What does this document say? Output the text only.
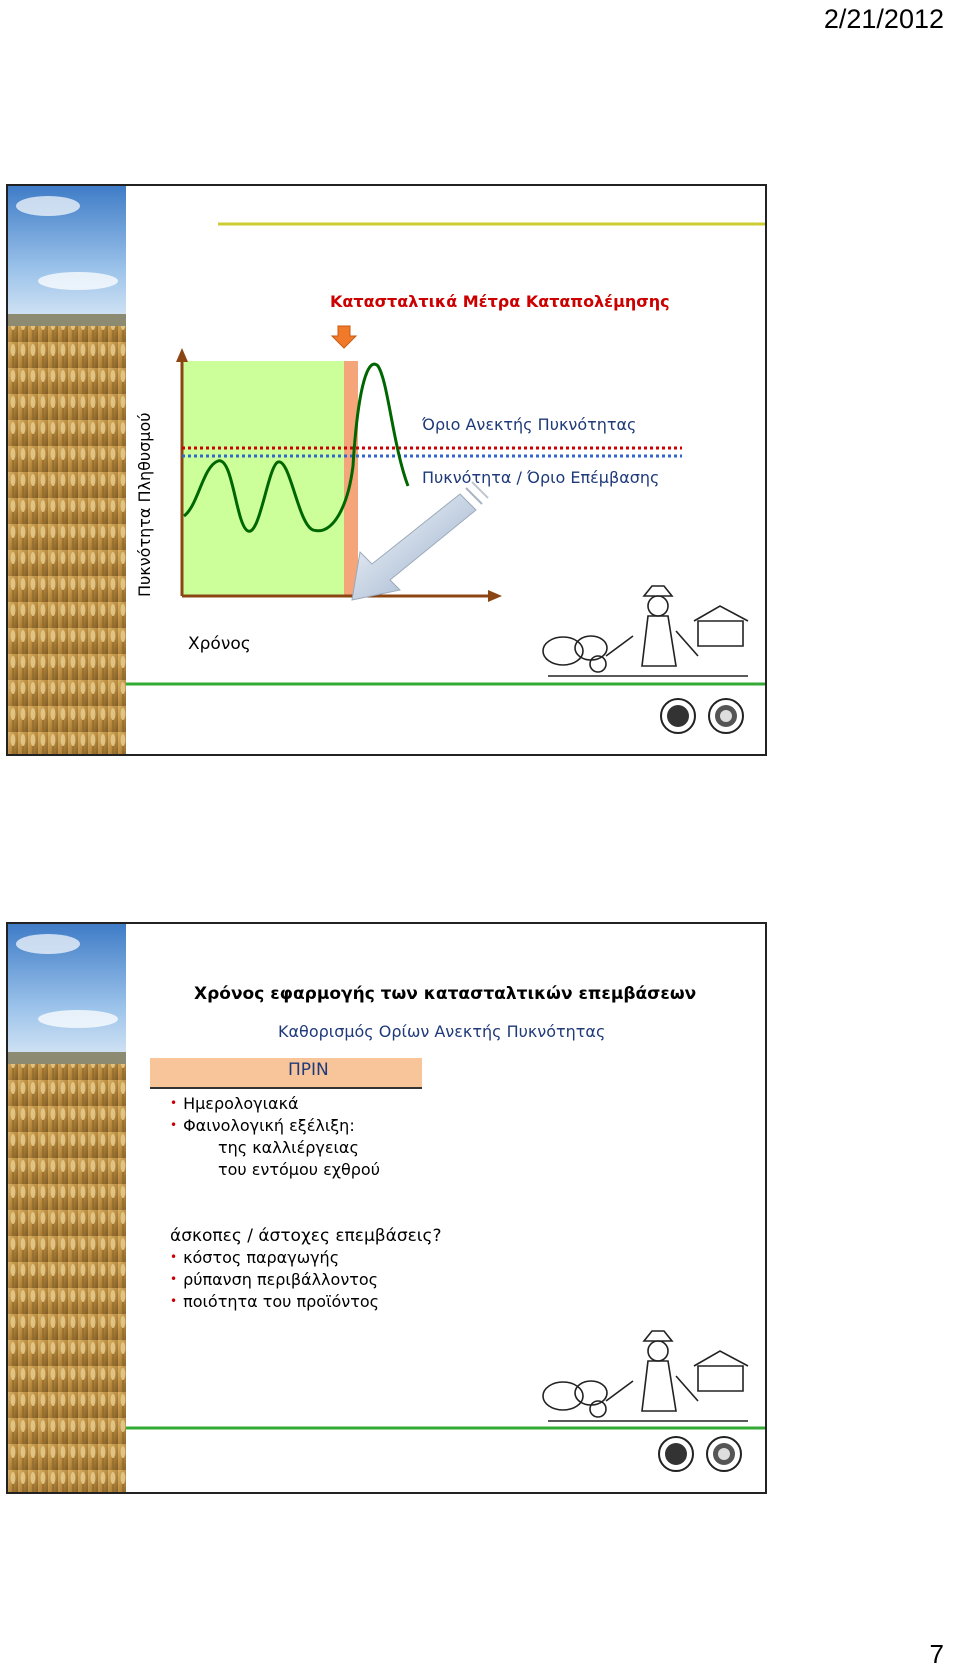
2/21/2012
Κατασταλτικά Μέτρα Καταπολέμησης
Πυκνότητα Πληθυσμού
Χρόνος
Όριο Ανεκτής Πυκνότητας
Πυκνότητα / Όριο Επέμβασης
Χρόνος εφαρμογής των κατασταλτικών επεμβάσεων
Καθορισμός Ορίων Ανεκτής Πυκνότητας
ΠΡΙΝ
• Ημερολογιακά
• Φαινολογική εξέλιξη:
της καλλιέργειας
του εντόμου εχθρού
άσκοπες / άστοχες επεμβάσεις?
• κόστος παραγωγής
• ρύπανση περιβάλλοντος
• ποιότητα του προϊόντος
7
